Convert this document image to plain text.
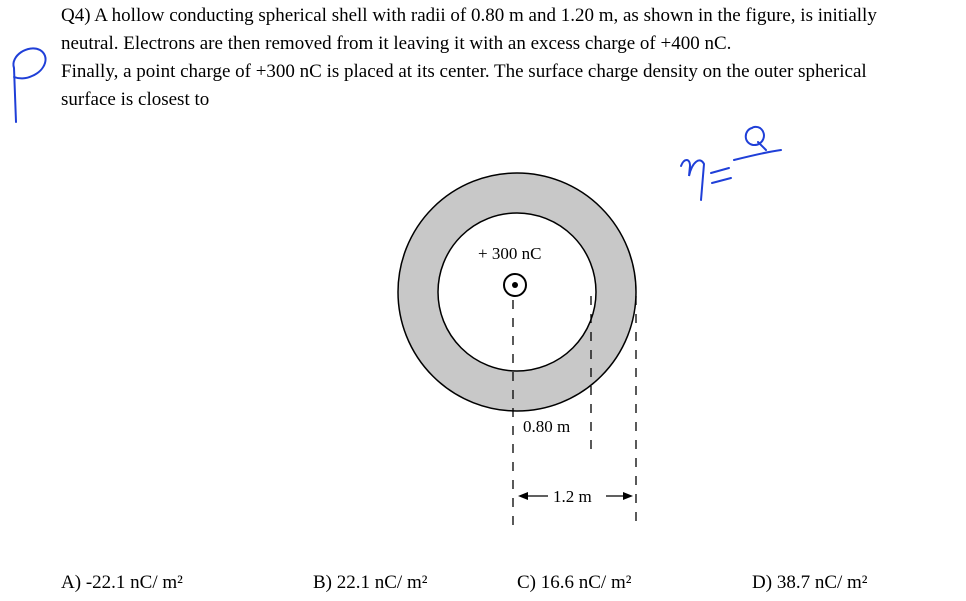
Q4) A hollow conducting spherical shell with radii of 0.80 m and 1.20 m, as shown in the figure, is initially
neutral. Electrons are then removed from it leaving it with an excess charge of +400 nC.
Finally, a point charge of +300 nC is placed at its center. The surface charge density on the outer spherical
surface is closest to
+ 300 nC
0.80 m
1.2 m
A) -22.1 nC/ m²	B) 22.1 nC/ m²	C) 16.6 nC/ m²	D) 38.7 nC/ m²
